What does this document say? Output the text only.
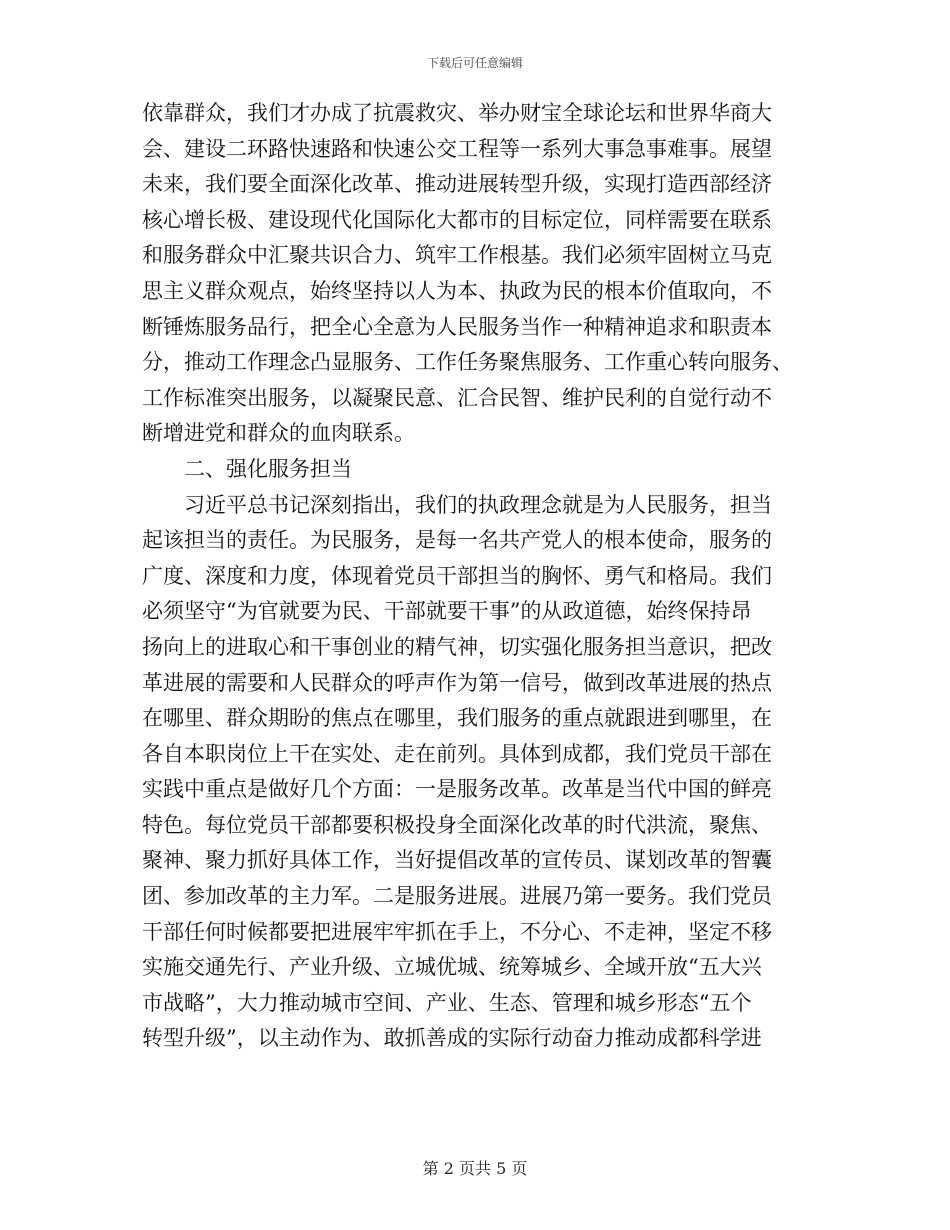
下载后可任意编辑
依靠群众，我们才办成了抗震救灾、举办财宝全球论坛和世界华商大
会、建设二环路快速路和快速公交工程等一系列大事急事难事。展望
未来，我们要全面深化改革、推动进展转型升级，实现打造西部经济
核心增长极、建设现代化国际化大都市的目标定位，同样需要在联系
和服务群众中汇聚共识合力、筑牢工作根基。我们必须牢固树立马克
思主义群众观点，始终坚持以人为本、执政为民的根本价值取向，不
断锤炼服务品行，把全心全意为人民服务当作一种精神追求和职责本
分，推动工作理念凸显服务、工作任务聚焦服务、工作重心转向服务、
工作标准突出服务，以凝聚民意、汇合民智、维护民利的自觉行动不
断增进党和群众的血肉联系。
二、强化服务担当
习近平总书记深刻指出，我们的执政理念就是为人民服务，担当
起该担当的责任。为民服务，是每一名共产党人的根本使命，服务的
广度、深度和力度，体现着党员干部担当的胸怀、勇气和格局。我们
必须坚守“为官就要为民、干部就要干事”的从政道德，始终保持昂
扬向上的进取心和干事创业的精气神，切实强化服务担当意识，把改
革进展的需要和人民群众的呼声作为第一信号，做到改革进展的热点
在哪里、群众期盼的焦点在哪里，我们服务的重点就跟进到哪里，在
各自本职岗位上干在实处、走在前列。具体到成都，我们党员干部在
实践中重点是做好几个方面：一是服务改革。改革是当代中国的鲜亮
特色。每位党员干部都要积极投身全面深化改革的时代洪流，聚焦、
聚神、聚力抓好具体工作，当好提倡改革的宣传员、谋划改革的智囊
团、参加改革的主力军。二是服务进展。进展乃第一要务。我们党员
干部任何时候都要把进展牢牢抓在手上，不分心、不走神，坚定不移
实施交通先行、产业升级、立城优城、统筹城乡、全域开放“五大兴
市战略”，大力推动城市空间、产业、生态、管理和城乡形态“五个
转型升级”，以主动作为、敢抓善成的实际行动奋力推动成都科学进
第 2 页共 5 页
